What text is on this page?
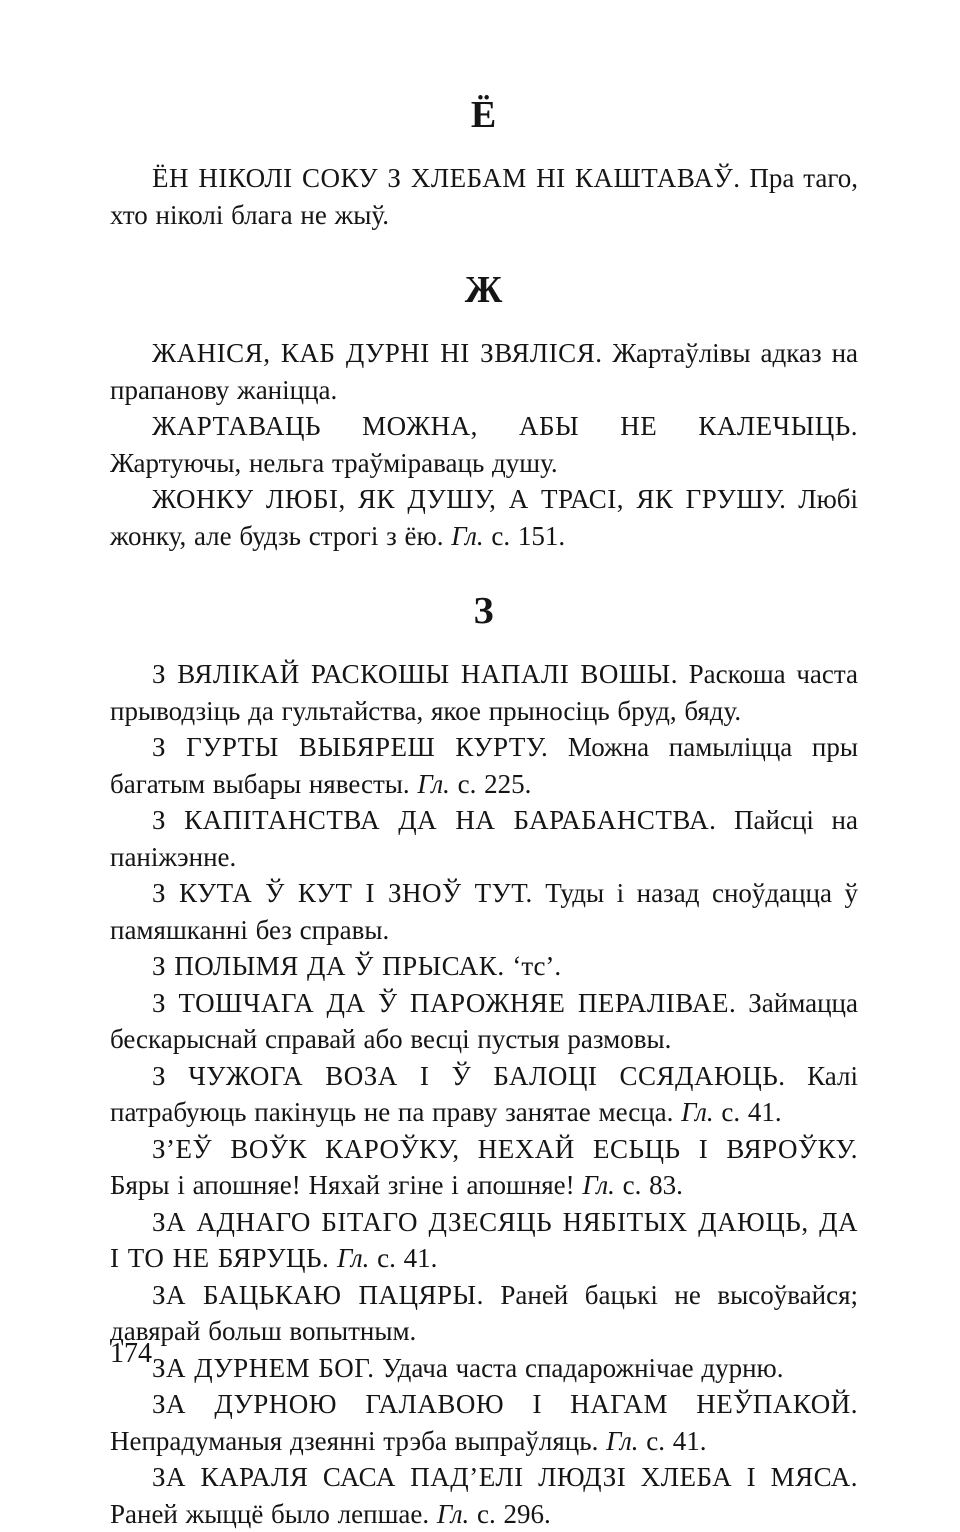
Ё

ЁН НІКОЛІ СОКУ З ХЛЕБАМ НІ КАШТАВАЎ. Пра таго, хто ніколі блага не жыў.

Ж

ЖАНІСЯ, КАБ ДУРНІ НІ ЗВЯЛІСЯ. Жартаўлівы адказ на прапанову жаніцца.

ЖАРТАВАЦЬ МОЖНА, АБЫ НЕ КАЛЕЧЫЦЬ. Жартуючы, нельга траўміраваць душу.

ЖОНКУ ЛЮБІ, ЯК ДУШУ, А ТРАСІ, ЯК ГРУШУ. Любі жонку, але будзь строгі з ёю. Гл. с. 151.

З

З ВЯЛІКАЙ РАСКОШЫ НАПАЛІ ВОШЫ. Раскоша часта прыводзіць да гультайства, якое прыносіць бруд, бяду.

З ГУРТЫ ВЫБЯРЕШ КУРТУ. Можна памыліцца пры багатым выбары нявесты. Гл. с. 225.

З КАПІТАНСТВА ДА НА БАРАБАНСТВА. Пайсці на паніжэнне.

З КУТА Ў КУТ І ЗНОЎ ТУТ. Туды і назад сноўдацца ў памяшканні без справы.

З ПОЛЫМЯ ДА Ў ПРЫСАК. ‘тс’.

З ТОШЧАГА ДА Ў ПАРОЖНЯЕ ПЕРАЛІВАЕ. Займацца бескарыснай справай або весці пустыя размовы.

З ЧУЖОГА ВОЗА І Ў БАЛОЦІ ССЯДАЮЦЬ. Калі патрабуюць пакінуць не па праву занятае месца. Гл. с. 41.

З’ЕЎ ВОЎК КАРОЎКУ, НЕХАЙ ЕСЬЦЬ І ВЯРОЎКУ. Бяры і апошняе! Няхай згіне і апошняе! Гл. с. 83.

ЗА АДНАГО БІТАГО ДЗЕСЯЦЬ НЯБІТЫХ ДАЮЦЬ, ДА І ТО НЕ БЯРУЦЬ. Гл. с. 41.

ЗА БАЦЬКАЮ ПАЦЯРЫ. Раней бацькі не высоўвайся; давярай больш вопытным.

ЗА ДУРНЕМ БОГ. Удача часта спадарожнічае дурню.

ЗА ДУРНОЮ ГАЛАВОЮ І НАГАМ НЕЎПАКОЙ. Непрадуманыя дзеянні трэба выпраўляць. Гл. с. 41.

ЗА КАРАЛЯ САСА ПАД’ЕЛІ ЛЮДЗІ ХЛЕБА І МЯСА. Раней жыццё было лепшае. Гл. с. 296.

174
